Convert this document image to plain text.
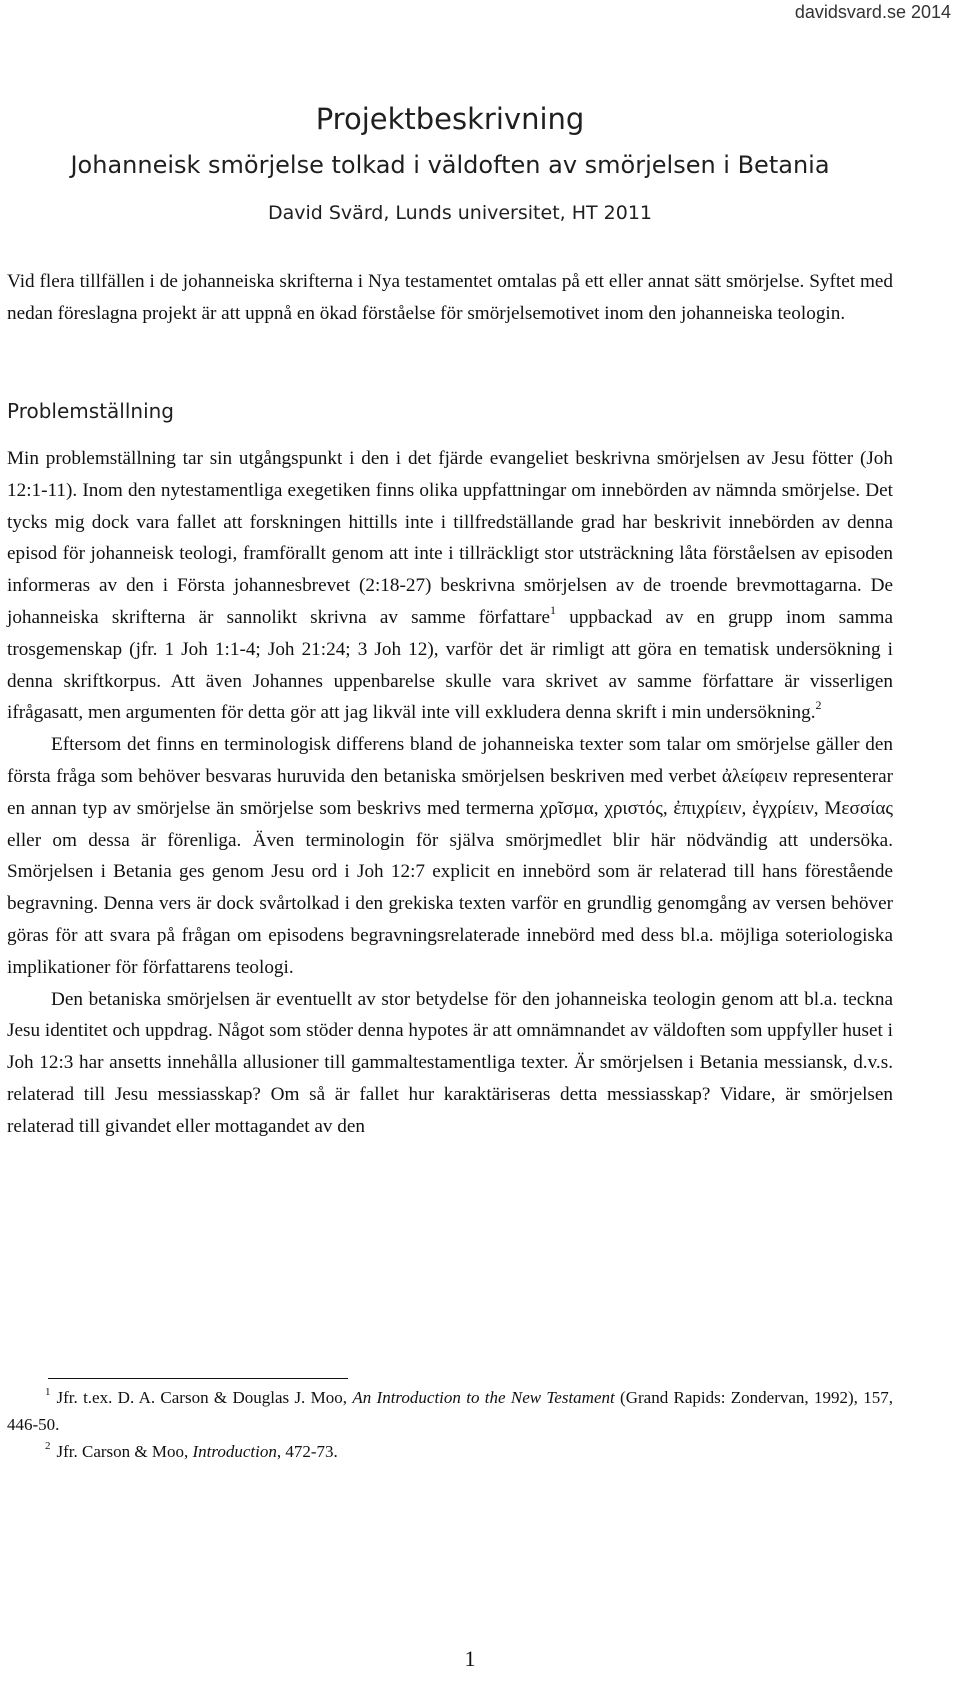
davidsvard.se 2014
Projektbeskrivning
Johanneisk smörjelse tolkad i väldoften av smörjelsen i Betania
David Svärd, Lunds universitet, HT 2011

Vid flera tillfällen i de johanneiska skrifterna i Nya testamentet omtalas på ett eller annat sätt smörjelse. Syftet med nedan föreslagna projekt är att uppnå en ökad förståelse för smörjelsemotivet inom den johanneiska teologin.

Problemställning

Min problemställning tar sin utgångspunkt i den i det fjärde evangeliet beskrivna smörjelsen av Jesu fötter (Joh 12:1-11). Inom den nytestamentliga exegetiken finns olika uppfattningar om innebörden av nämnda smörjelse. Det tycks mig dock vara fallet att forskningen hittills inte i tillfredställande grad har beskrivit innebörden av denna episod för johanneisk teologi, framförallt genom att inte i tillräckligt stor utsträckning låta förståelsen av episoden informeras av den i Första johannesbrevet (2:18-27) beskrivna smörjelsen av de troende brevmottagarna. De johanneiska skrifterna är sannolikt skrivna av samme författare$^1$ uppbackad av en grupp inom samma trosgemenskap (jfr. 1 Joh 1:1-4; Joh 21:24; 3 Joh 12), varför det är rimligt att göra en tematisk undersökning i denna skriftkorpus. Att även Johannes uppenbarelse skulle vara skrivet av samme författare är visserligen ifrågasatt, men argumenten för detta gör att jag likväl inte vill exkludera denna skrift i min undersökning.$^2$

Eftersom det finns en terminologisk differens bland de johanneiska texter som talar om smörjelse gäller den första fråga som behöver besvaras huruvida den betaniska smörjelsen beskriven med verbet ἀλείφειν representerar en annan typ av smörjelse än smörjelse som beskrivs med termerna χρῖσμα, χριστός, ἐπιχρίειν, ἐγχρίειν, Μεσσίας eller om dessa är förenliga. Även terminologin för själva smörjmedlet blir här nödvändig att undersöka. Smörjelsen i Betania ges genom Jesu ord i Joh 12:7 explicit en innebörd som är relaterad till hans förestående begravning. Denna vers är dock svårtolkad i den grekiska texten varför en grundlig genomgång av versen behöver göras för att svara på frågan om episodens begravningsrelaterade innebörd med dess bl.a. möjliga soteriologiska implikationer för författarens teologi.

Den betaniska smörjelsen är eventuellt av stor betydelse för den johanneiska teologin genom att bl.a. teckna Jesu identitet och uppdrag. Något som stöder denna hypotes är att omnämnandet av väldoften som uppfyller huset i Joh 12:3 har ansetts innehålla allusioner till gammaltestamentliga texter. Är smörjelsen i Betania messiansk, d.v.s. relaterad till Jesu messiasskap? Om så är fallet hur karaktäriseras detta messiasskap? Vidare, är smörjelsen relaterad till givandet eller mottagandet av den

$^1$ Jfr. t.ex. D. A. Carson & Douglas J. Moo, An Introduction to the New Testament (Grand Rapids: Zondervan, 1992), 157, 446-50.

$^2$ Jfr. Carson & Moo, Introduction, 472-73.

1
